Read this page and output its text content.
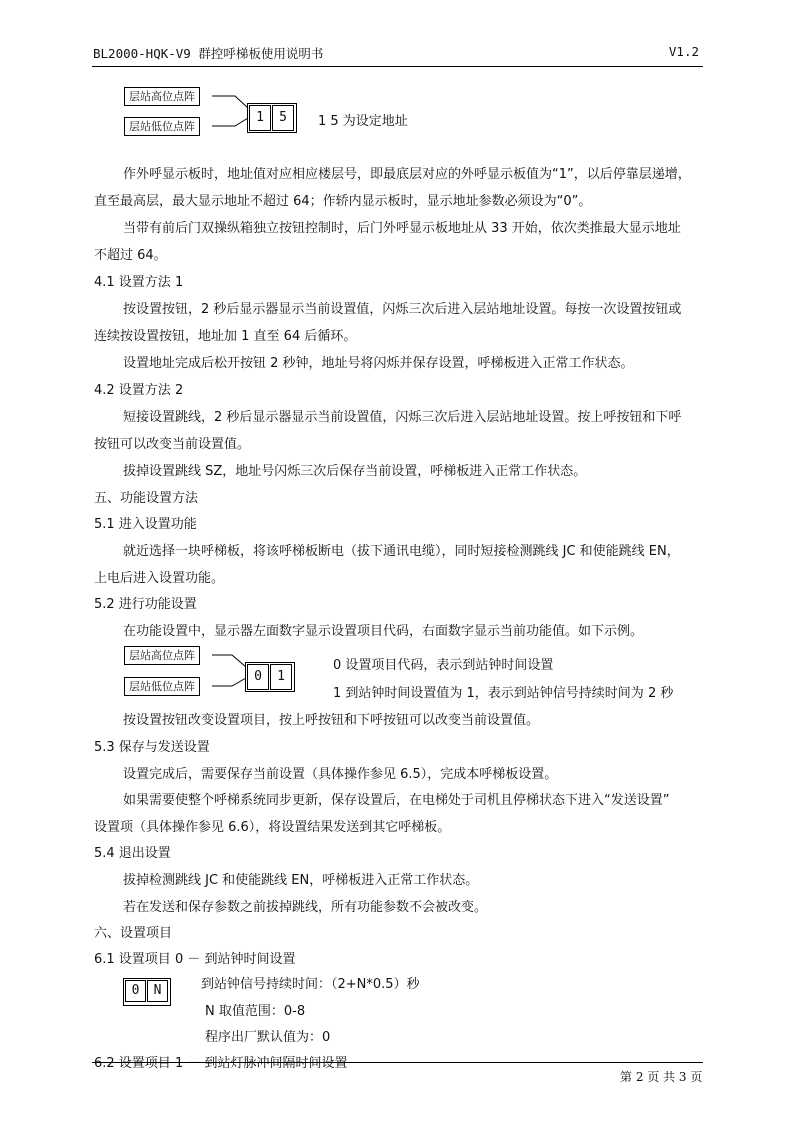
BL2000-HQK-V9 群控呼梯板使用说明书	V1.2
层站高位点阵
层站低位点阵
1	5	1 5 为设定地址
作外呼显示板时，地址值对应相应楼层号，即最底层对应的外呼显示板值为“1”，以后停靠层递增，
直至最高层，最大显示地址不超过 64；作轿内显示板时，显示地址参数必须设为“0”。
当带有前后门双操纵箱独立按钮控制时，后门外呼显示板地址从 33 开始，依次类推最大显示地址
不超过 64。
4.1 设置方法 1
按设置按钮，2 秒后显示器显示当前设置值，闪烁三次后进入层站地址设置。每按一次设置按钮或
连续按设置按钮，地址加 1 直至 64 后循环。
设置地址完成后松开按钮 2 秒钟，地址号将闪烁并保存设置，呼梯板进入正常工作状态。
4.2 设置方法 2
短接设置跳线，2 秒后显示器显示当前设置值，闪烁三次后进入层站地址设置。按上呼按钮和下呼
按钮可以改变当前设置值。
拔掉设置跳线 SZ，地址号闪烁三次后保存当前设置，呼梯板进入正常工作状态。
五、功能设置方法
5.1 进入设置功能
就近选择一块呼梯板，将该呼梯板断电（拔下通讯电缆），同时短接检测跳线 JC 和使能跳线 EN，
上电后进入设置功能。
5.2 进行功能设置
在功能设置中，显示器左面数字显示设置项目代码，右面数字显示当前功能值。如下示例。
层站高位点阵
层站低位点阵
0	1
0 设置项目代码，表示到站钟时间设置
1 到站钟时间设置值为 1，表示到站钟信号持续时间为 2 秒
按设置按钮改变设置项目，按上呼按钮和下呼按钮可以改变当前设置值。
5.3 保存与发送设置
设置完成后，需要保存当前设置（具体操作参见 6.5），完成本呼梯板设置。
如果需要使整个呼梯系统同步更新，保存设置后，在电梯处于司机且停梯状态下进入“发送设置”
设置项（具体操作参见 6.6），将设置结果发送到其它呼梯板。
5.4 退出设置
拔掉检测跳线 JC 和使能跳线 EN，呼梯板进入正常工作状态。
若在发送和保存参数之前拔掉跳线，所有功能参数不会被改变。
六、设置项目
6.1 设置项目 0 － 到站钟时间设置
0	N	到站钟信号持续时间：（2+N*0.5）秒
N 取值范围：0-8
程序出厂默认值为：0
6.2 设置项目 1 － 到站灯脉冲间隔时间设置
第 2 页 共 3 页
